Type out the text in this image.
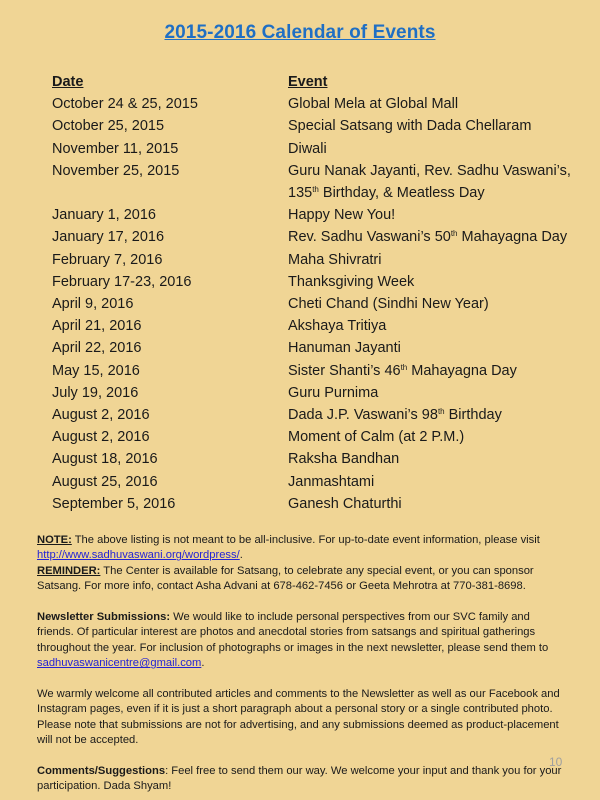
2015-2016 Calendar of Events
Date	Event
October 24 & 25, 2015	Global Mela at Global Mall
October 25, 2015	Special Satsang with Dada Chellaram
November 11, 2015	Diwali
November 25, 2015	Guru Nanak Jayanti, Rev. Sadhu Vaswani’s,
135th Birthday, & Meatless Day
January 1, 2016	Happy New You!
January 17, 2016	Rev. Sadhu Vaswani’s 50th Mahayagna Day
February 7, 2016	Maha Shivratri
February 17-23, 2016	Thanksgiving Week
April 9, 2016	Cheti Chand (Sindhi New Year)
April 21, 2016	Akshaya Tritiya
April 22, 2016	Hanuman Jayanti
May 15, 2016	Sister Shanti’s 46th Mahayagna Day
July 19, 2016	Guru Purnima
August 2, 2016	Dada J.P. Vaswani’s 98th Birthday
August 2, 2016	Moment of Calm (at 2 P.M.)
August 18, 2016	Raksha Bandhan
August 25, 2016	Janmashtami
September 5, 2016	Ganesh Chaturthi

NOTE: The above listing is not meant to be all-inclusive. For up-to-date event information, please visit http://www.sadhuvaswani.org/wordpress/.

REMINDER: The Center is available for Satsang, to celebrate any special event, or you can sponsor Satsang. For more info, contact Asha Advani at 678-462-7456 or Geeta Mehrotra at 770-381-8698.

Newsletter Submissions: We would like to include personal perspectives from our SVC family and friends. Of particular interest are photos and anecdotal stories from satsangs and spiritual gatherings throughout the year. For inclusion of photographs or images in the next newsletter, please send them to sadhuvaswanicentre@gmail.com.

We warmly welcome all contributed articles and comments to the Newsletter as well as our Facebook and Instagram pages, even if it is just a short paragraph about a personal story or a single contributed photo. Please note that submissions are not for advertising, and any submissions deemed as product-placement will not be accepted.

Comments/Suggestions: Feel free to send them our way. We welcome your input and thank you for your participation. Dada Shyam!

10
